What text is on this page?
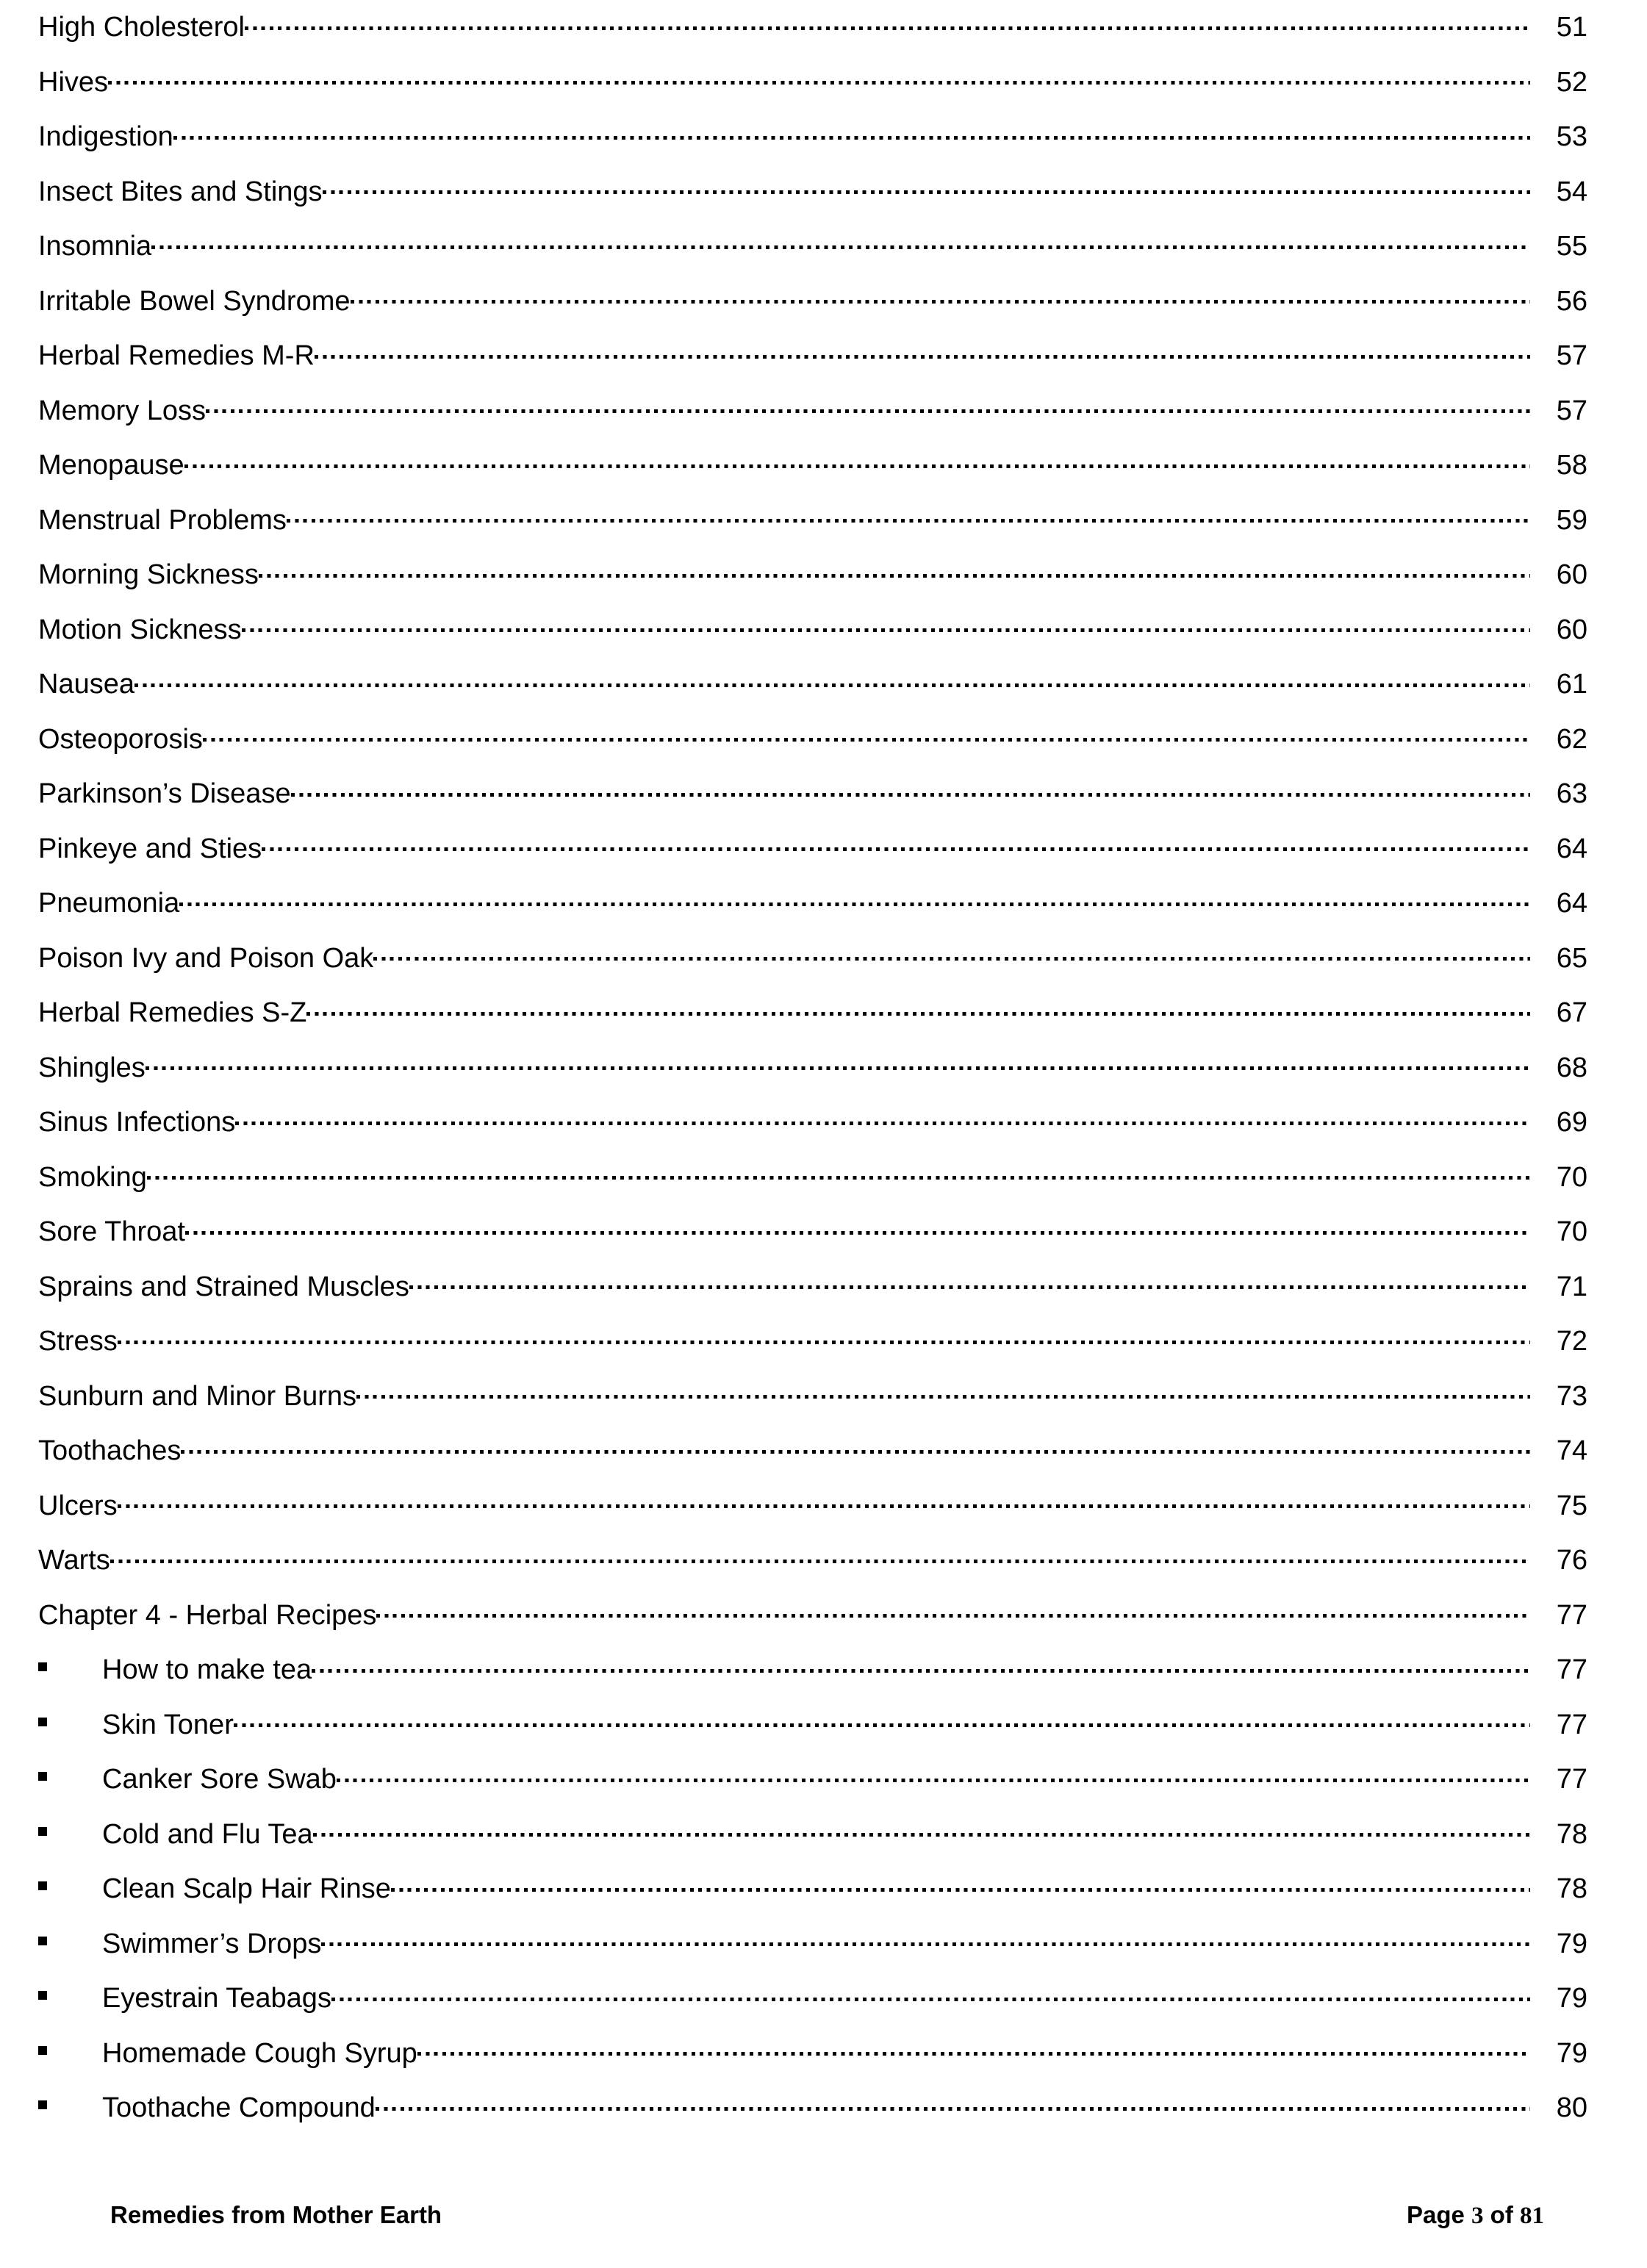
High Cholesterol	51
Hives	52
Indigestion	53
Insect Bites and Stings	54
Insomnia	55
Irritable Bowel Syndrome	56
Herbal Remedies M-R	57
Memory Loss	57
Menopause	58
Menstrual Problems	59
Morning Sickness	60
Motion Sickness	60
Nausea	61
Osteoporosis	62
Parkinson’s Disease	63
Pinkeye and Sties	64
Pneumonia	64
Poison Ivy and Poison Oak	65
Herbal Remedies S-Z	67
Shingles	68
Sinus Infections	69
Smoking	70
Sore Throat	70
Sprains and Strained Muscles	71
Stress	72
Sunburn and Minor Burns	73
Toothaches	74
Ulcers	75
Warts	76
Chapter 4 - Herbal Recipes	77
How to make tea	77
Skin Toner	77
Canker Sore Swab	77
Cold and Flu Tea	78
Clean Scalp Hair Rinse	78
Swimmer’s Drops	79
Eyestrain Teabags	79
Homemade Cough Syrup	79
Toothache Compound	80
Remedies from Mother Earth	Page 3 of 81
